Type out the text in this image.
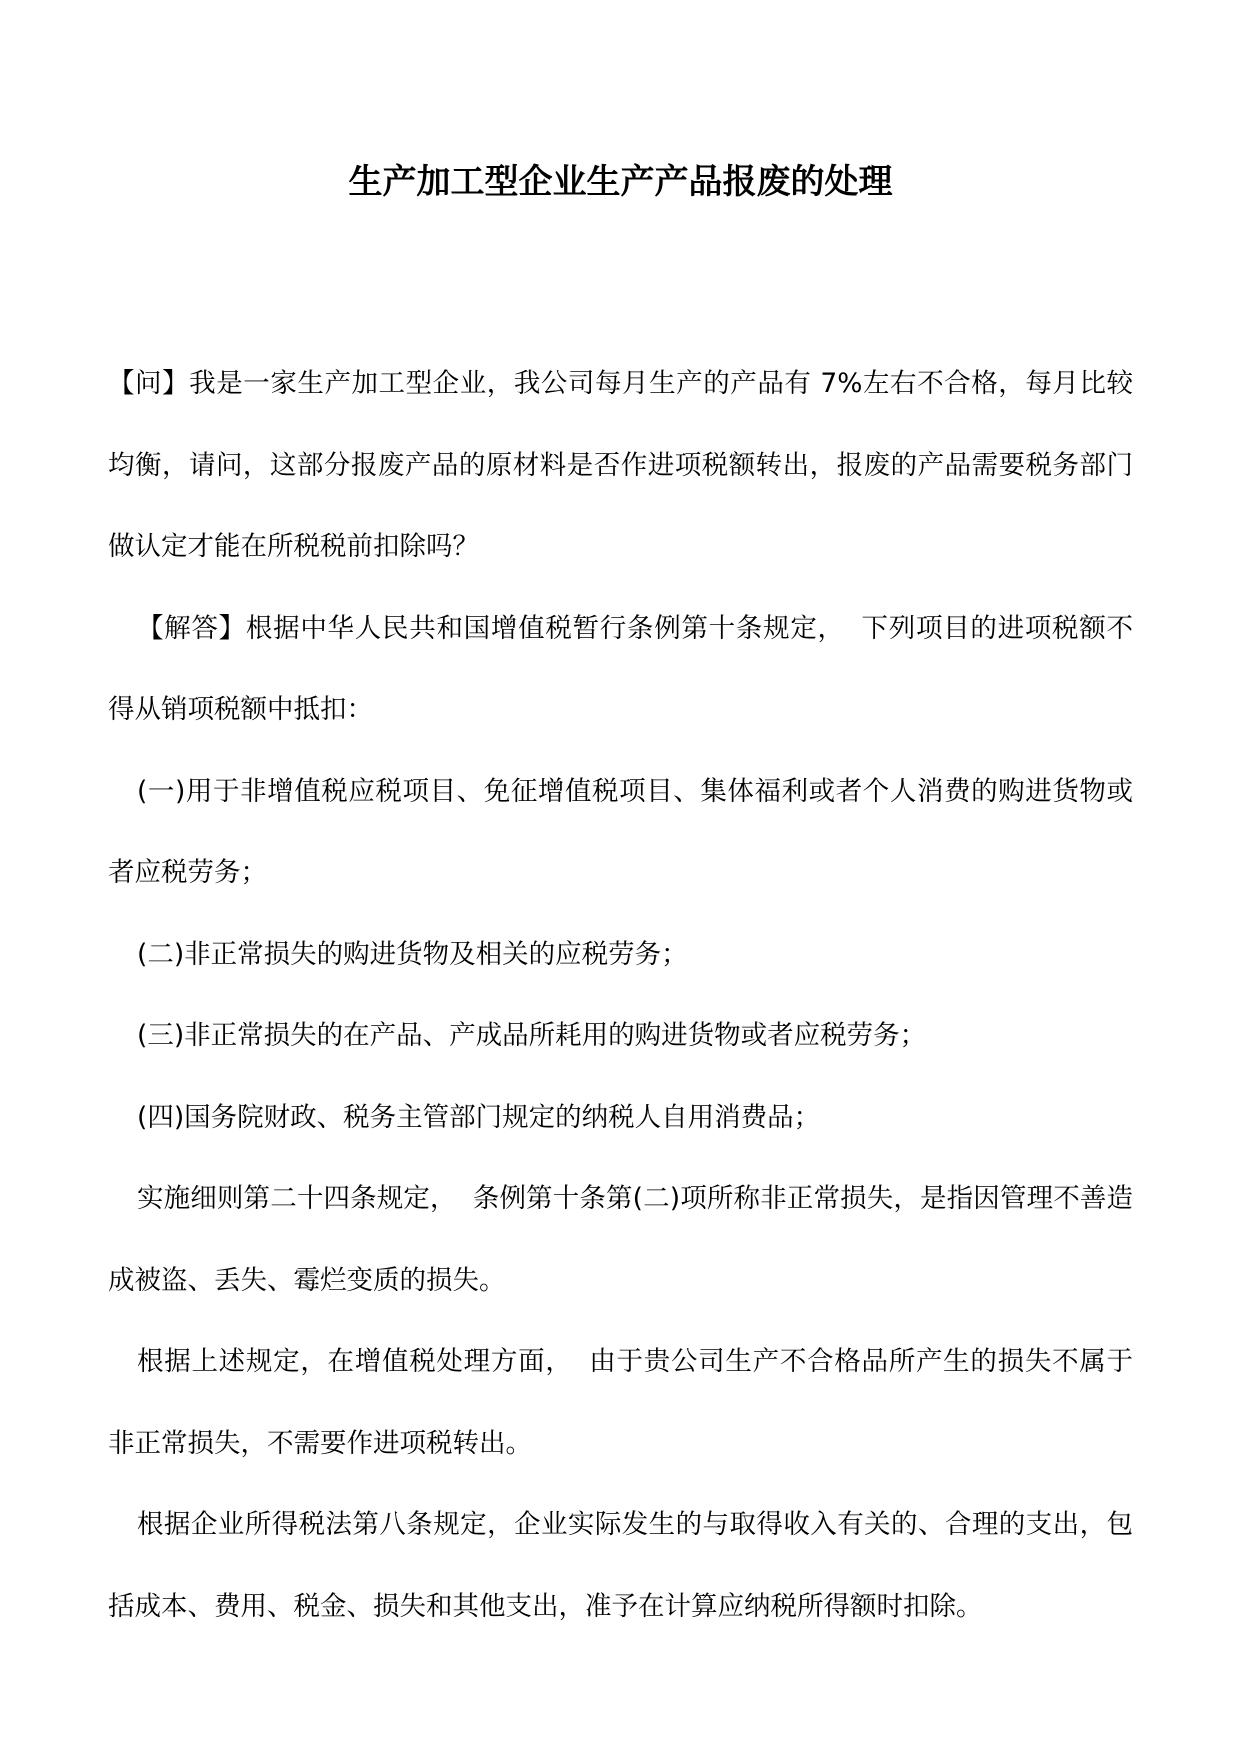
生产加工型企业生产产品报废的处理

【问】我是一家生产加工型企业，我公司每月生产的产品有 7%左右不合格，每月比较均衡，请问，这部分报废产品的原材料是否作进项税额转出，报废的产品需要税务部门做认定才能在所税税前扣除吗？

【解答】根据中华人民共和国增值税暂行条例第十条规定， 下列项目的进项税额不得从销项税额中抵扣：

(一)用于非增值税应税项目、免征增值税项目、集体福利或者个人消费的购进货物或者应税劳务；

(二)非正常损失的购进货物及相关的应税劳务；

(三)非正常损失的在产品、产成品所耗用的购进货物或者应税劳务；

(四)国务院财政、税务主管部门规定的纳税人自用消费品；

实施细则第二十四条规定， 条例第十条第(二)项所称非正常损失，是指因管理不善造成被盗、丢失、霉烂变质的损失。

根据上述规定，在增值税处理方面， 由于贵公司生产不合格品所产生的损失不属于非正常损失，不需要作进项税转出。

根据企业所得税法第八条规定，企业实际发生的与取得收入有关的、合理的支出，包括成本、费用、税金、损失和其他支出，准予在计算应纳税所得额时扣除。
